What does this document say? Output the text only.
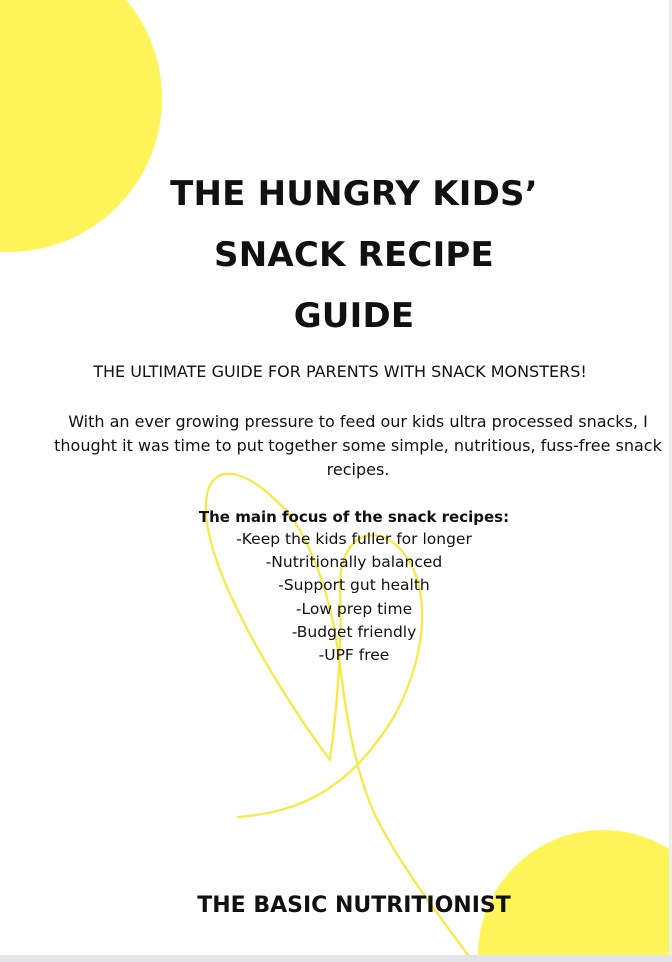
THE HUNGRY KIDS’
SNACK RECIPE
GUIDE

THE ULTIMATE GUIDE FOR PARENTS WITH SNACK MONSTERS!

With an ever growing pressure to feed our kids ultra processed snacks, I thought it was time to put together some simple, nutritious, fuss-free snack recipes.

The main focus of the snack recipes:

-Keep the kids fuller for longer
-Nutritionally balanced
-Support gut health
-Low prep time
-Budget friendly
-UPF free

THE BASIC NUTRITIONIST
